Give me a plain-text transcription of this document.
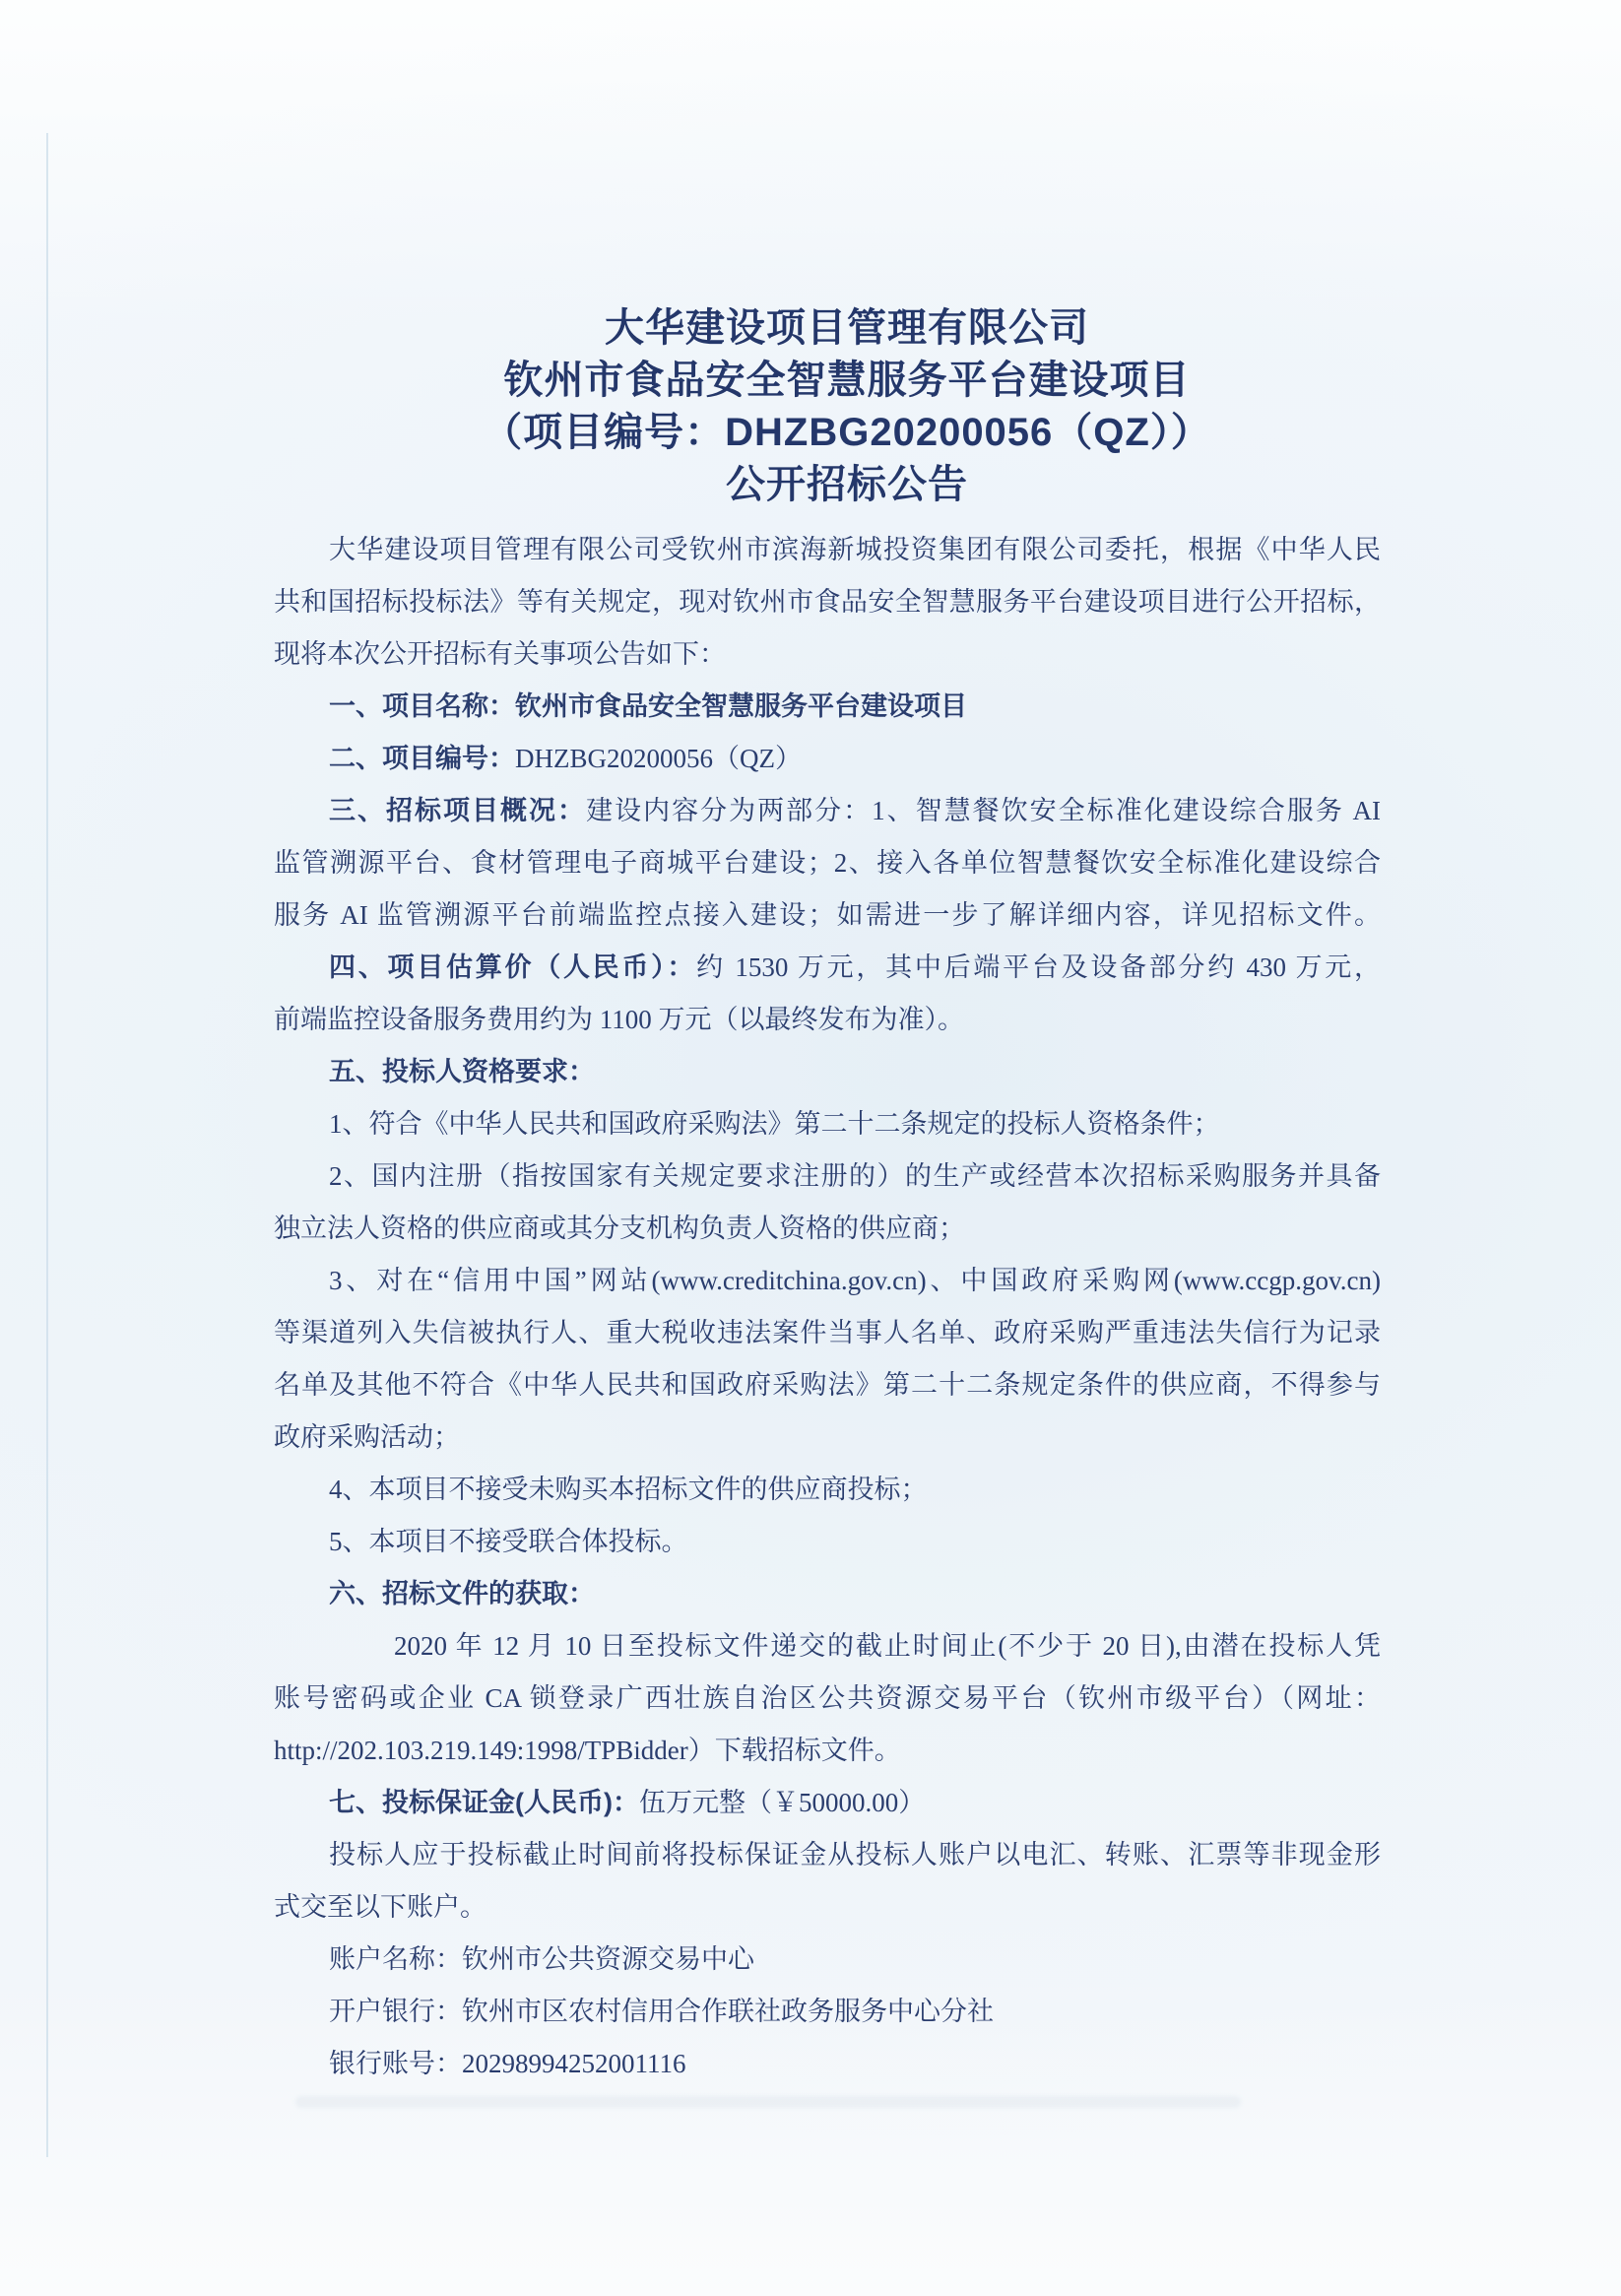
大华建设项目管理有限公司
钦州市食品安全智慧服务平台建设项目
（项目编号：DHZBG20200056（QZ））
公开招标公告
大华建设项目管理有限公司受钦州市滨海新城投资集团有限公司委托，根据《中华人民
共和国招标投标法》等有关规定，现对钦州市食品安全智慧服务平台建设项目进行公开招标，
现将本次公开招标有关事项公告如下：
一、项目名称：钦州市食品安全智慧服务平台建设项目
二、项目编号：DHZBG20200056（QZ）
三、招标项目概况：建设内容分为两部分：1、智慧餐饮安全标准化建设综合服务 AI
监管溯源平台、食材管理电子商城平台建设；2、接入各单位智慧餐饮安全标准化建设综合
服务 AI 监管溯源平台前端监控点接入建设；如需进一步了解详细内容，详见招标文件。
四、项目估算价（人民币）：约 1530 万元，其中后端平台及设备部分约 430 万元，
前端监控设备服务费用约为 1100 万元（以最终发布为准）。
五、投标人资格要求：
1、符合《中华人民共和国政府采购法》第二十二条规定的投标人资格条件；
2、国内注册（指按国家有关规定要求注册的）的生产或经营本次招标采购服务并具备
独立法人资格的供应商或其分支机构负责人资格的供应商；
3、对在“信用中国”网站(www.creditchina.gov.cn)、中国政府采购网(www.ccgp.gov.cn)
等渠道列入失信被执行人、重大税收违法案件当事人名单、政府采购严重违法失信行为记录
名单及其他不符合《中华人民共和国政府采购法》第二十二条规定条件的供应商，不得参与
政府采购活动；
4、本项目不接受未购买本招标文件的供应商投标；
5、本项目不接受联合体投标。
六、招标文件的获取：
2020 年 12 月 10 日至投标文件递交的截止时间止(不少于 20 日),由潜在投标人凭
账号密码或企业 CA 锁登录广西壮族自治区公共资源交易平台（钦州市级平台）（网址：
http://202.103.219.149:1998/TPBidder）下载招标文件。
七、投标保证金(人民币)：伍万元整（￥50000.00）
投标人应于投标截止时间前将投标保证金从投标人账户以电汇、转账、汇票等非现金形
式交至以下账户。
账户名称：钦州市公共资源交易中心
开户银行：钦州市区农村信用合作联社政务服务中心分社
银行账号：20298994252001116
